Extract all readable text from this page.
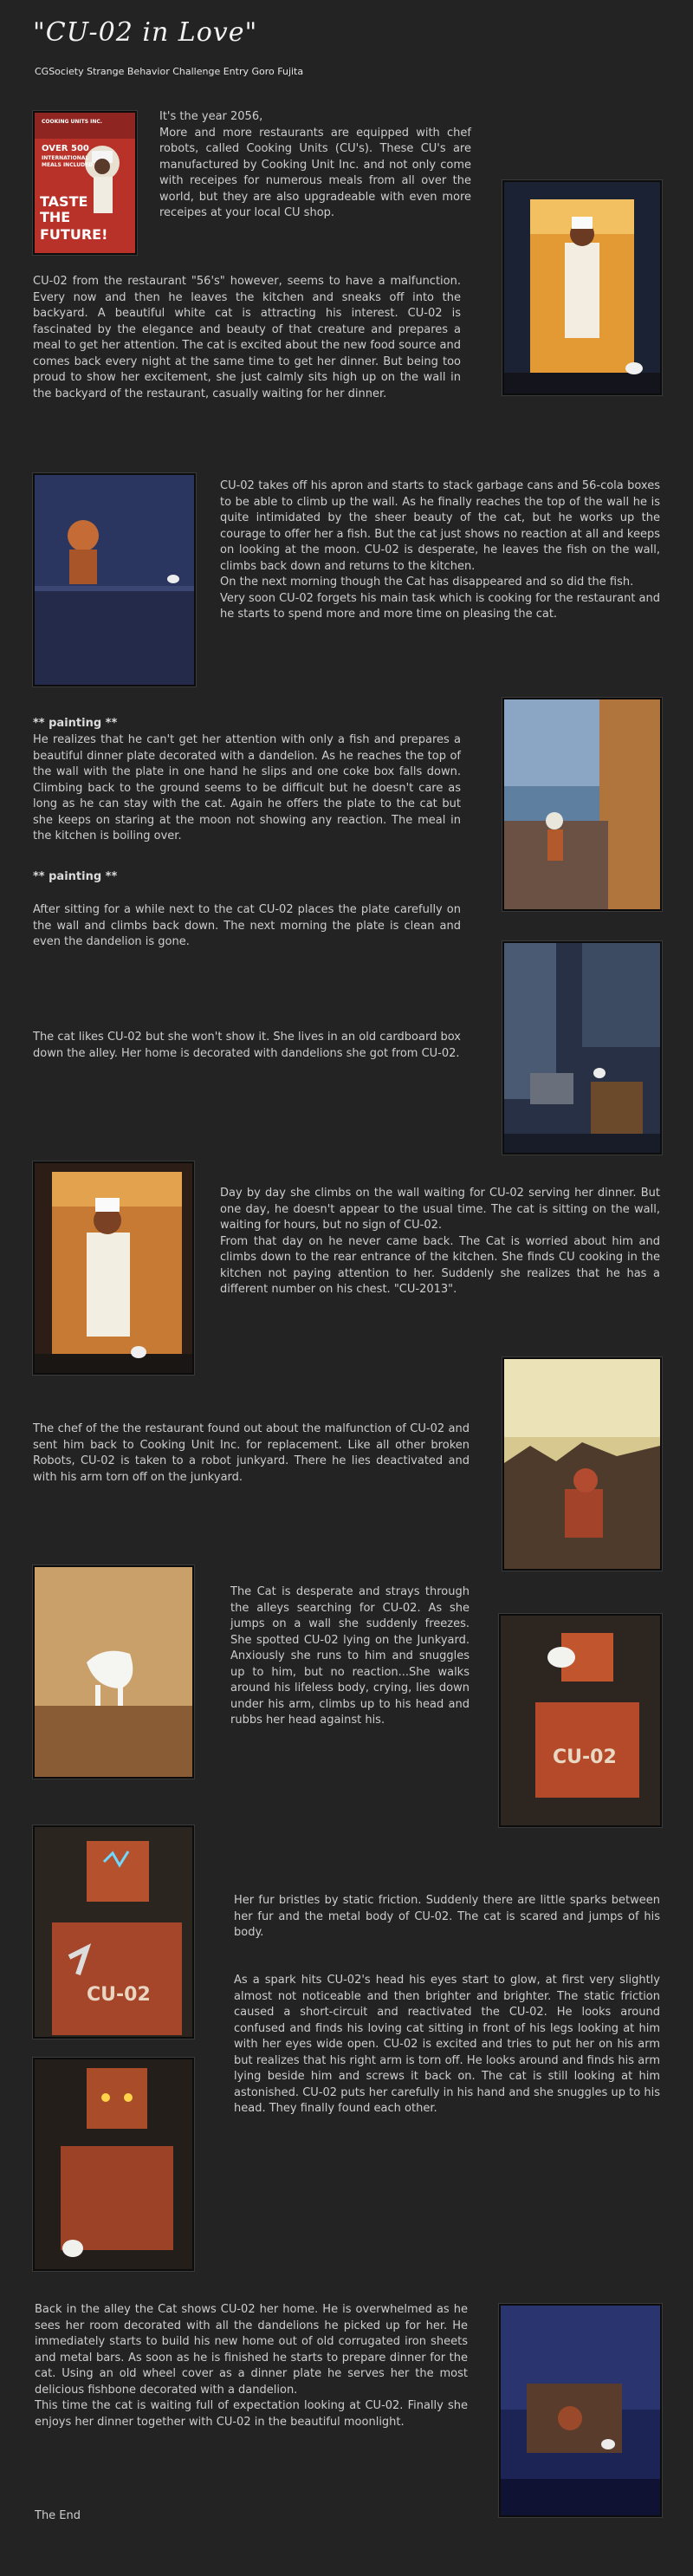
"CU-02 in Love"
CGSociety Strange Behavior Challenge Entry Goro Fujita
COOKING UNITS INC.
OVER 500
INTERNATIONAL
MEALS INCLUDED
TASTE
THE
FUTURE!

It's the year 2056,
More and more restaurants are equipped with chef robots, called Cooking Units (CU's). These CU's are manufactured by Cooking Unit Inc. and not only come with receipes for numerous meals from all over the world, but they are also upgradeable with even more receipes at your local CU shop.

CU-02 from the restaurant "56's" however, seems to have a malfunction. Every now and then he leaves the kitchen and sneaks off into the backyard. A beautiful white cat is attracting his interest. CU-02 is fascinated by the elegance and beauty of that creature and prepares a meal to get her attention. The cat is excited about the new food source and comes back every night at the same time to get her dinner. But being too proud to show her excitement, she just calmly sits high up on the wall in the backyard of the restaurant, casually waiting for her dinner.

CU-02 takes off his apron and starts to stack garbage cans and 56-cola boxes to be able to climb up the wall. As he finally reaches the top of the wall he is quite intimidated by the sheer beauty of the cat, but he works up the courage to offer her a fish. But the cat just shows no reaction at all and keeps on looking at the moon. CU-02 is desperate, he leaves the fish on the wall, climbs back down and returns to the kitchen.
On the next morning though the Cat has disappeared and so did the fish.
Very soon CU-02 forgets his main task which is cooking for the restaurant and he starts to spend more and more time on pleasing the cat.

** painting **

He realizes that he can't get her attention with only a fish and prepares a beautiful dinner plate decorated with a dandelion. As he reaches the top of the wall with the plate in one hand he slips and one coke box falls down. Climbing back to the ground seems to be difficult but he doesn't care as long as he can stay with the cat. Again he offers the plate to the cat but she keeps on staring at the moon not showing any reaction. The meal in the kitchen is boiling over.

** painting **

After sitting for a while next to the cat CU-02 places the plate carefully on the wall and climbs back down. The next morning the plate is clean and even the dandelion is gone.

The cat likes CU-02 but she won't show it. She lives in an old cardboard box down the alley. Her home is decorated with dandelions she got from CU-02.

Day by day she climbs on the wall waiting for CU-02 serving her dinner. But one day, he doesn't appear to the usual time. The cat is sitting on the wall, waiting for hours, but no sign of CU-02.
From that day on he never came back. The Cat is worried about him and climbs down to the rear entrance of the kitchen. She finds CU cooking in the kitchen not paying attention to her. Suddenly she realizes that he has a different number on his chest. "CU-2013".

The chef of the the restaurant found out about the malfunction of CU-02 and sent him back to Cooking Unit Inc. for replacement. Like all other broken Robots, CU-02 is taken to a robot junkyard. There he lies deactivated and with his arm torn off on the junkyard.

The Cat is desperate and strays through the alleys searching for CU-02. As she jumps on a wall she suddenly freezes. She spotted CU-02 lying on the Junkyard. Anxiously she runs to him and snuggles up to him, but no reaction...She walks around his lifeless body, crying, lies down under his arm, climbs up to his head and rubbs her head against his.

CU-02
CU-02

Her fur bristles by static friction. Suddenly there are little sparks between her fur and the metal body of CU-02. The cat is scared and jumps of his body.

As a spark hits CU-02's head his eyes start to glow, at first very slightly almost not noticeable and then brighter and brighter. The static friction caused a short-circuit and reactivated the CU-02. He looks around confused and finds his loving cat sitting in front of his legs looking at him with her eyes wide open. CU-02 is excited and tries to put her on his arm but realizes that his right arm is torn off. He looks around and finds his arm lying beside him and screws it back on. The cat is still looking at him astonished. CU-02 puts her carefully in his hand and she snuggles up to his head. They finally found each other.

Back in the alley the Cat shows CU-02 her home. He is overwhelmed as he sees her room decorated with all the dandelions he picked up for her. He immediately starts to build his new home out of old corrugated iron sheets and metal bars. As soon as he is finished he starts to prepare dinner for the cat. Using an old wheel cover as a dinner plate he serves her the most delicious fishbone decorated with a dandelion.
This time the cat is waiting full of expectation looking at CU-02. Finally she enjoys her dinner together with CU-02 in the beautiful moonlight.

The End
